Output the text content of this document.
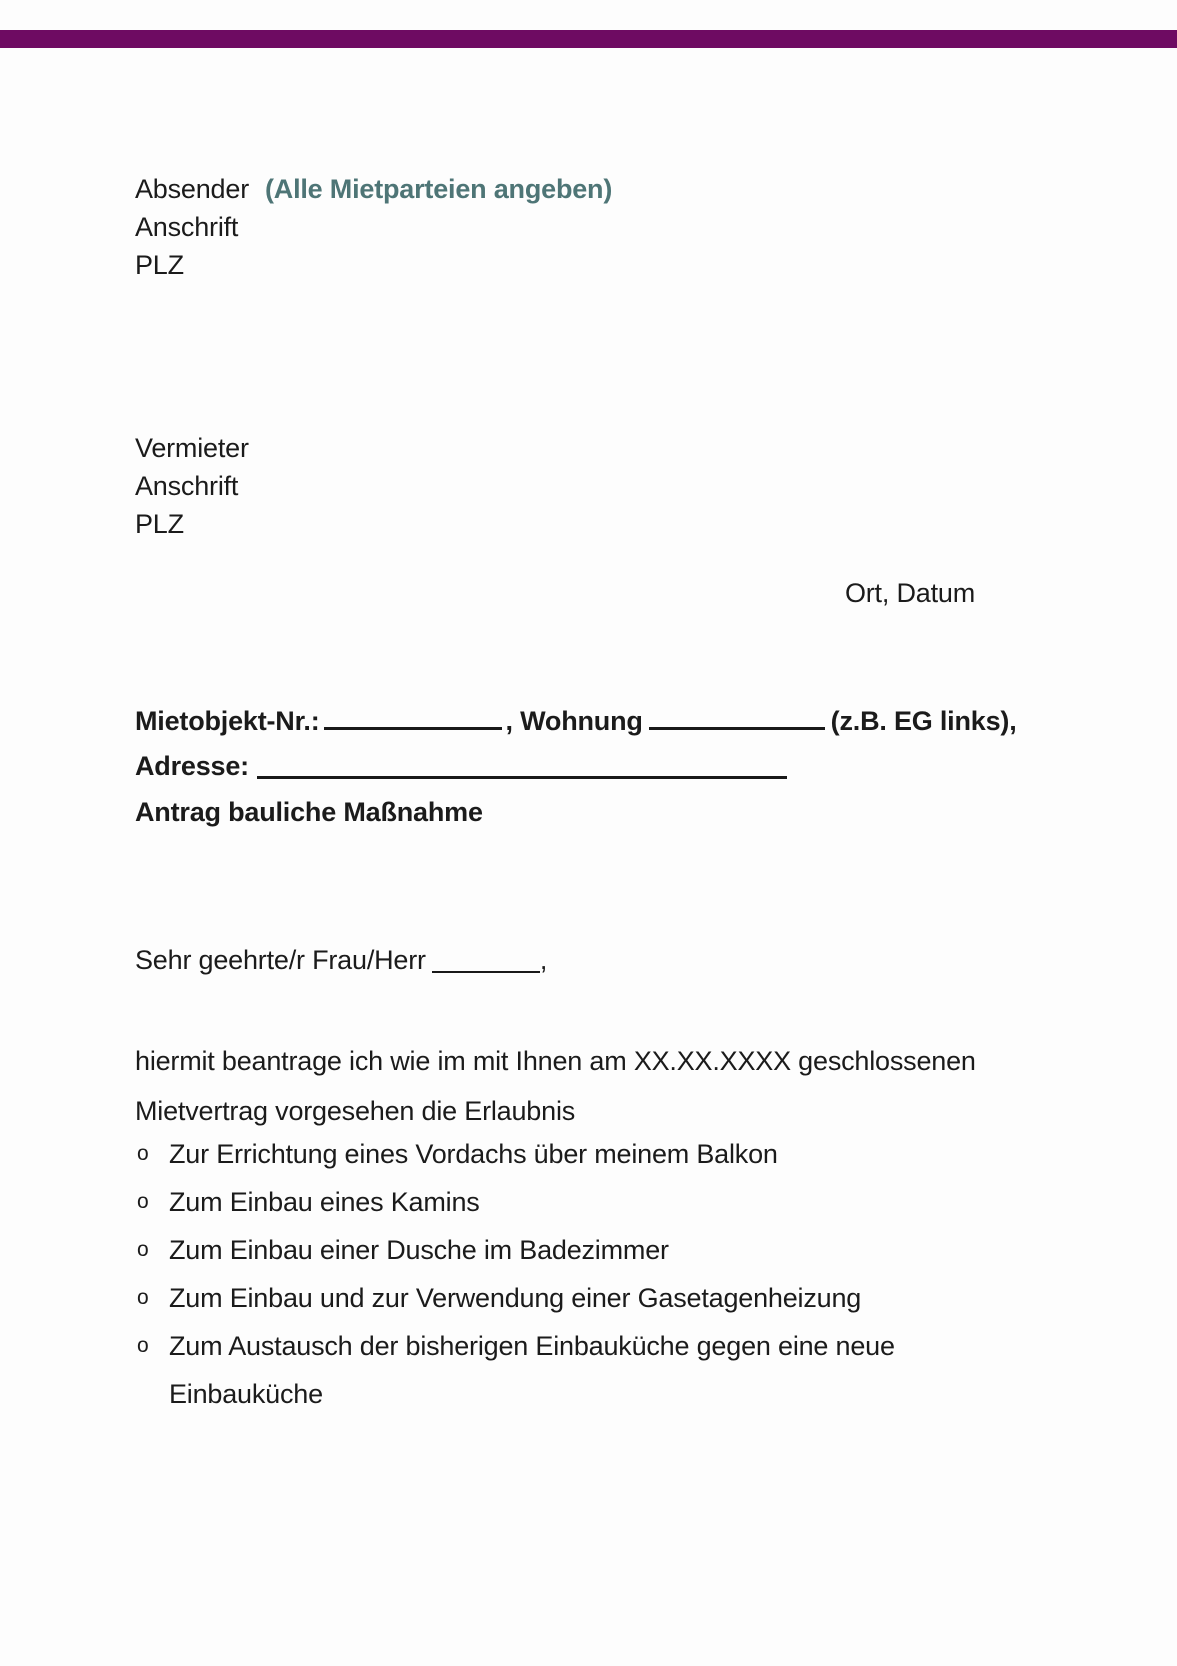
Absender (Alle Mietparteien angeben)
Anschrift
PLZ
Vermieter
Anschrift
PLZ
Ort, Datum
Mietobjekt-Nr.:	, Wohnung	(z.B. EG links),
Adresse:
Antrag bauliche Maßnahme
Sehr geehrte/r Frau/Herr	,
hiermit beantrage ich wie im mit Ihnen am XX.XX.XXXX geschlossenen
Mietvertrag vorgesehen die Erlaubnis
o Zur Errichtung eines Vordachs über meinem Balkon
o Zum Einbau eines Kamins
o Zum Einbau einer Dusche im Badezimmer
o Zum Einbau und zur Verwendung einer Gasetagenheizung
o Zum Austausch der bisherigen Einbauküche gegen eine neue Einbauküche
